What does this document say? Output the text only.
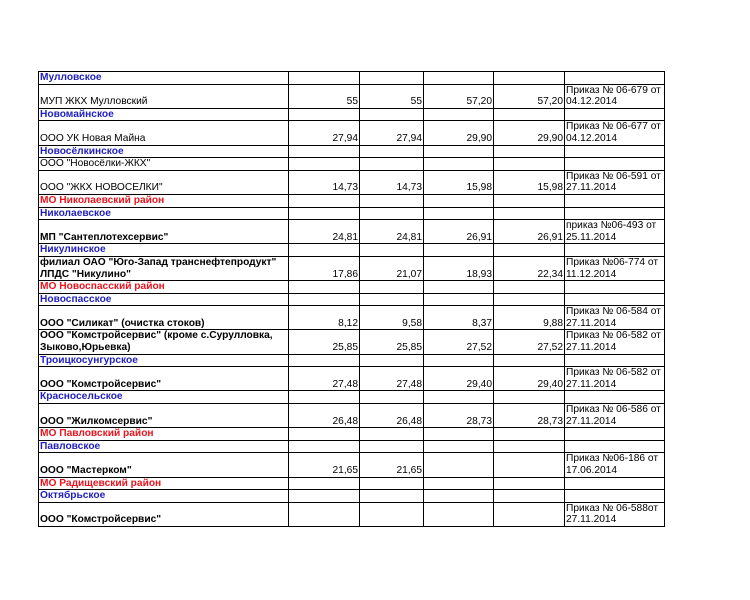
Мулловское					
МУП ЖКХ Мулловский	55	55	57,20	57,20	Приказ № 06-679 от 04.12.2014
Новомайнское					
ООО УК Новая Майна	27,94	27,94	29,90	29,90	Приказ № 06-677 от 04.12.2014
Новосёлкинское					
ООО "Новосёлки-ЖКХ"					
ООО "ЖКХ НОВОСЕЛКИ"	14,73	14,73	15,98	15,98	Приказ № 06-591 от 27.11.2014
МО Николаевский район					
Николаевское					
МП "Сантеплотехсервис"	24,81	24,81	26,91	26,91	приказ №06-493 от 25.11.2014
Никулинское					
филиал ОАО "Юго-Запад транснефтепродукт" ЛПДС "Никулино"	17,86	21,07	18,93	22,34	Приказ №06-774 от 11.12.2014
МО Новоспасский район					
Новоспасское					
ООО "Силикат" (очистка стоков)	8,12	9,58	8,37	9,88	Приказ № 06-584 от 27.11.2014
ООО "Комстройсервис" (кроме с.Сурулловка, Зыково,Юрьевка)	25,85	25,85	27,52	27,52	Приказ № 06-582 от 27.11.2014
Троицкосунгурское					
ООО "Комстройсервис"	27,48	27,48	29,40	29,40	Приказ № 06-582 от 27.11.2014
Красносельское					
ООО "Жилкомсервис"	26,48	26,48	28,73	28,73	Приказ № 06-586 от 27.11.2014
МО Павловский район					
Павловское					
ООО "Мастерком"	21,65	21,65			Приказ №06-186 от 17.06.2014
МО Радищевский район					
Октябрьское					
ООО "Комстройсервис"					Приказ № 06-588от 27.11.2014
